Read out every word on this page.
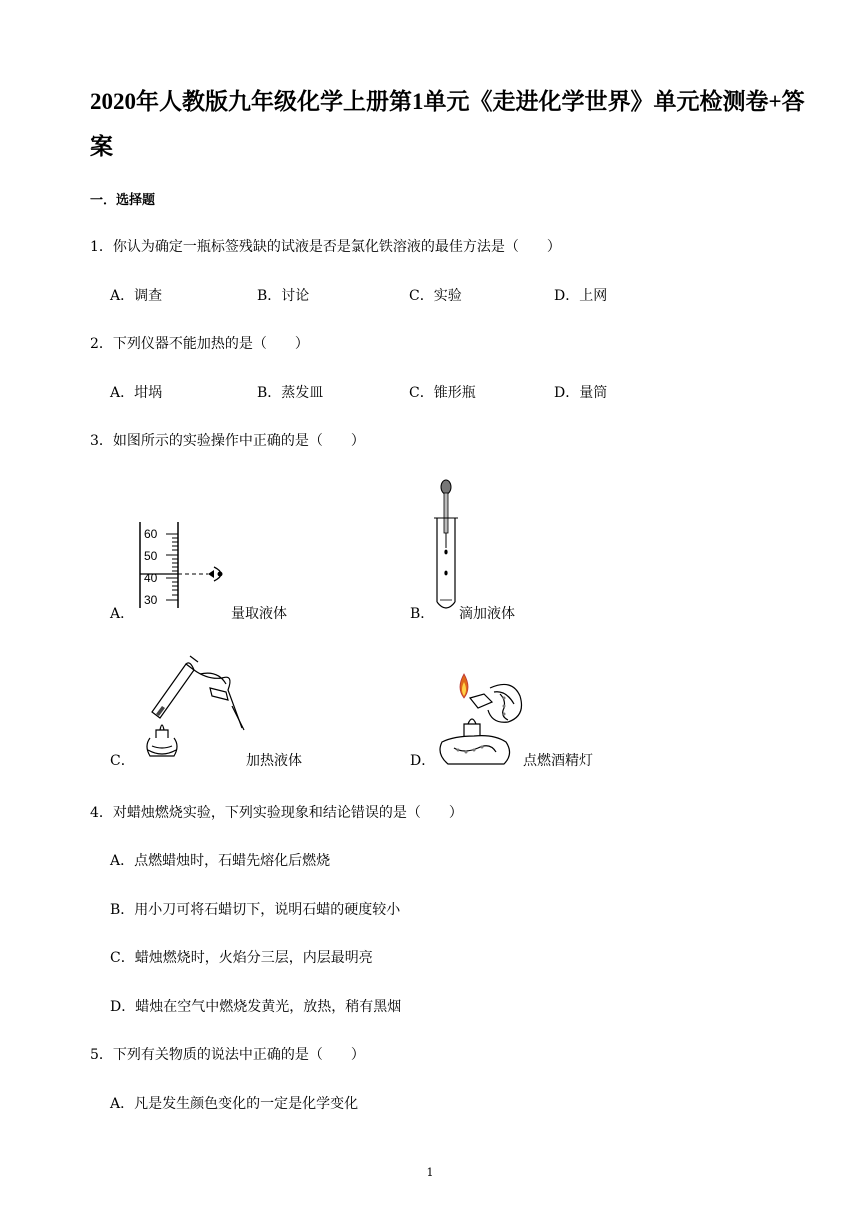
2020年人教版九年级化学上册第1单元《走进化学世界》单元检测卷+答
案
一．选择题
1．你认为确定一瓶标签残缺的试液是否是氯化铁溶液的最佳方法是（　　）
A．调查	B．讨论	C．实验	D．上网
2．下列仪器不能加热的是（　　）
A．坩埚	B．蒸发皿	C．锥形瓶	D．量筒
3．如图所示的实验操作中正确的是（　　）
60
50
40
30
A．	量取液体	B． 滴加液体
C．	加热液体	D．	点燃酒精灯
4．对蜡烛燃烧实验，下列实验现象和结论错误的是（　　）
A．点燃蜡烛时，石蜡先熔化后燃烧
B．用小刀可将石蜡切下，说明石蜡的硬度较小
C．蜡烛燃烧时，火焰分三层，内层最明亮
D．蜡烛在空气中燃烧发黄光，放热，稍有黑烟
5．下列有关物质的说法中正确的是（　　）
A．凡是发生颜色变化的一定是化学变化
1
